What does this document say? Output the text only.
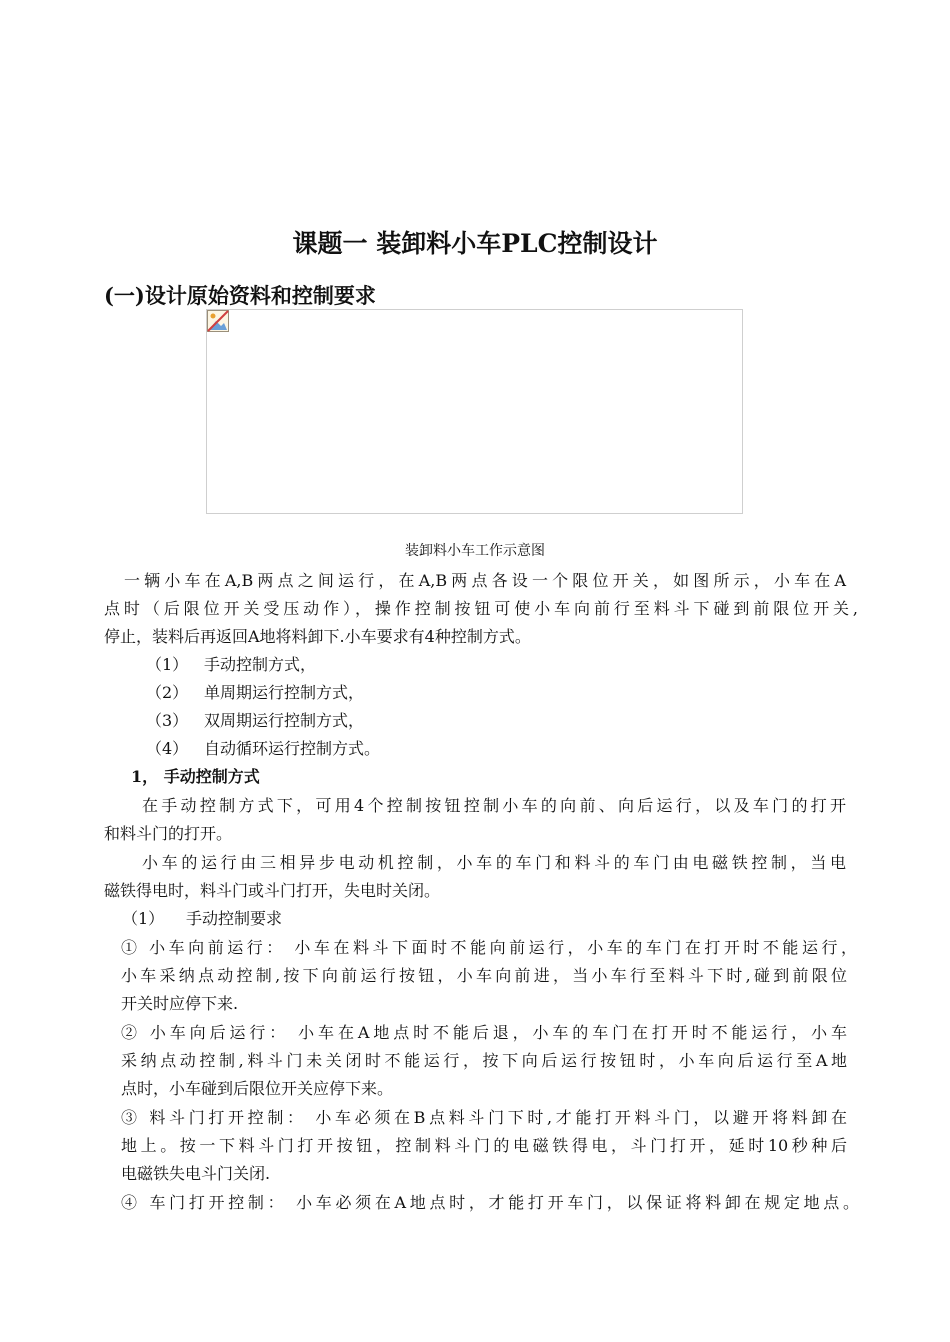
课题一 装卸料小车PLC控制设计
(一)设计原始资料和控制要求
装卸料小车工作示意图
一辆小车在A,B两点之间运行，在A,B两点各设一个限位开关，如图所示，小车在A
点时（后限位开关受压动作），操作控制按钮可使小车向前行至料斗下碰到前限位开关,
停止，装料后再返回A地将料卸下.小车要求有4种控制方式。
（1） 手动控制方式，
（2） 单周期运行控制方式，
（3） 双周期运行控制方式，
（4） 自动循环运行控制方式。
1， 手动控制方式
在手动控制方式下，可用4个控制按钮控制小车的向前、向后运行，以及车门的打开
和料斗门的打开。
小车的运行由三相异步电动机控制，小车的车门和料斗的车门由电磁铁控制，当电
磁铁得电时，料斗门或斗门打开，失电时关闭。
（1） 手动控制要求
① 小车向前运行： 小车在料斗下面时不能向前运行，小车的车门在打开时不能运行，
小车采纳点动控制,按下向前运行按钮，小车向前进，当小车行至料斗下时,碰到前限位
开关时应停下来.
② 小车向后运行： 小车在A地点时不能后退，小车的车门在打开时不能运行，小车
采纳点动控制,料斗门未关闭时不能运行，按下向后运行按钮时，小车向后运行至A地
点时，小车碰到后限位开关应停下来。
③ 料斗门打开控制： 小车必须在B点料斗门下时,才能打开料斗门，以避开将料卸在
地上。按一下料斗门打开按钮，控制料斗门的电磁铁得电，斗门打开，延时10秒种后
电磁铁失电斗门关闭.
④ 车门打开控制： 小车必须在A地点时，才能打开车门，以保证将料卸在规定地点。
